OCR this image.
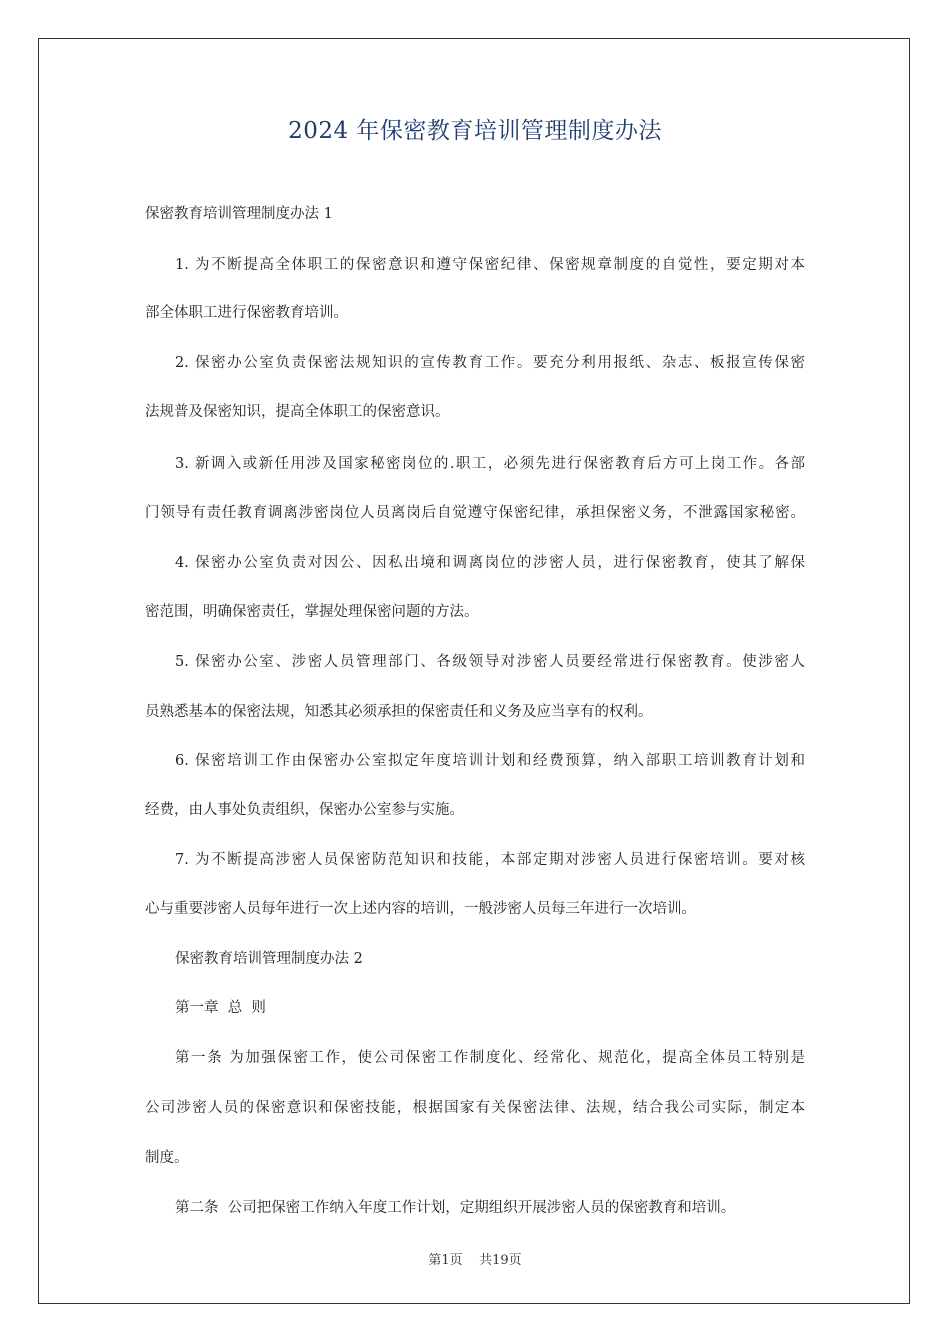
2024 年保密教育培训管理制度办法
保密教育培训管理制度办法 1
1. 为不断提高全体职工的保密意识和遵守保密纪律、保密规章制度的自觉性，要定期对本
部全体职工进行保密教育培训。
2. 保密办公室负责保密法规知识的宣传教育工作。要充分利用报纸、杂志、板报宣传保密
法规普及保密知识，提高全体职工的保密意识。
3. 新调入或新任用涉及国家秘密岗位的.职工，必须先进行保密教育后方可上岗工作。各部
门领导有责任教育调离涉密岗位人员离岗后自觉遵守保密纪律，承担保密义务，不泄露国家秘密。
4. 保密办公室负责对因公、因私出境和调离岗位的涉密人员，进行保密教育，使其了解保
密范围，明确保密责任，掌握处理保密问题的方法。
5. 保密办公室、涉密人员管理部门、各级领导对涉密人员要经常进行保密教育。使涉密人
员熟悉基本的保密法规，知悉其必须承担的保密责任和义务及应当享有的权利。
6. 保密培训工作由保密办公室拟定年度培训计划和经费预算，纳入部职工培训教育计划和
经费，由人事处负责组织，保密办公室参与实施。
7. 为不断提高涉密人员保密防范知识和技能，本部定期对涉密人员进行保密培训。要对核
心与重要涉密人员每年进行一次上述内容的培训，一般涉密人员每三年进行一次培训。
保密教育培训管理制度办法 2
第一章  总  则
第一条 为加强保密工作，使公司保密工作制度化、经常化、规范化，提高全体员工特别是
公司涉密人员的保密意识和保密技能，根据国家有关保密法律、法规，结合我公司实际，制定本
制度。
第二条  公司把保密工作纳入年度工作计划，定期组织开展涉密人员的保密教育和培训。
第1页    共19页
